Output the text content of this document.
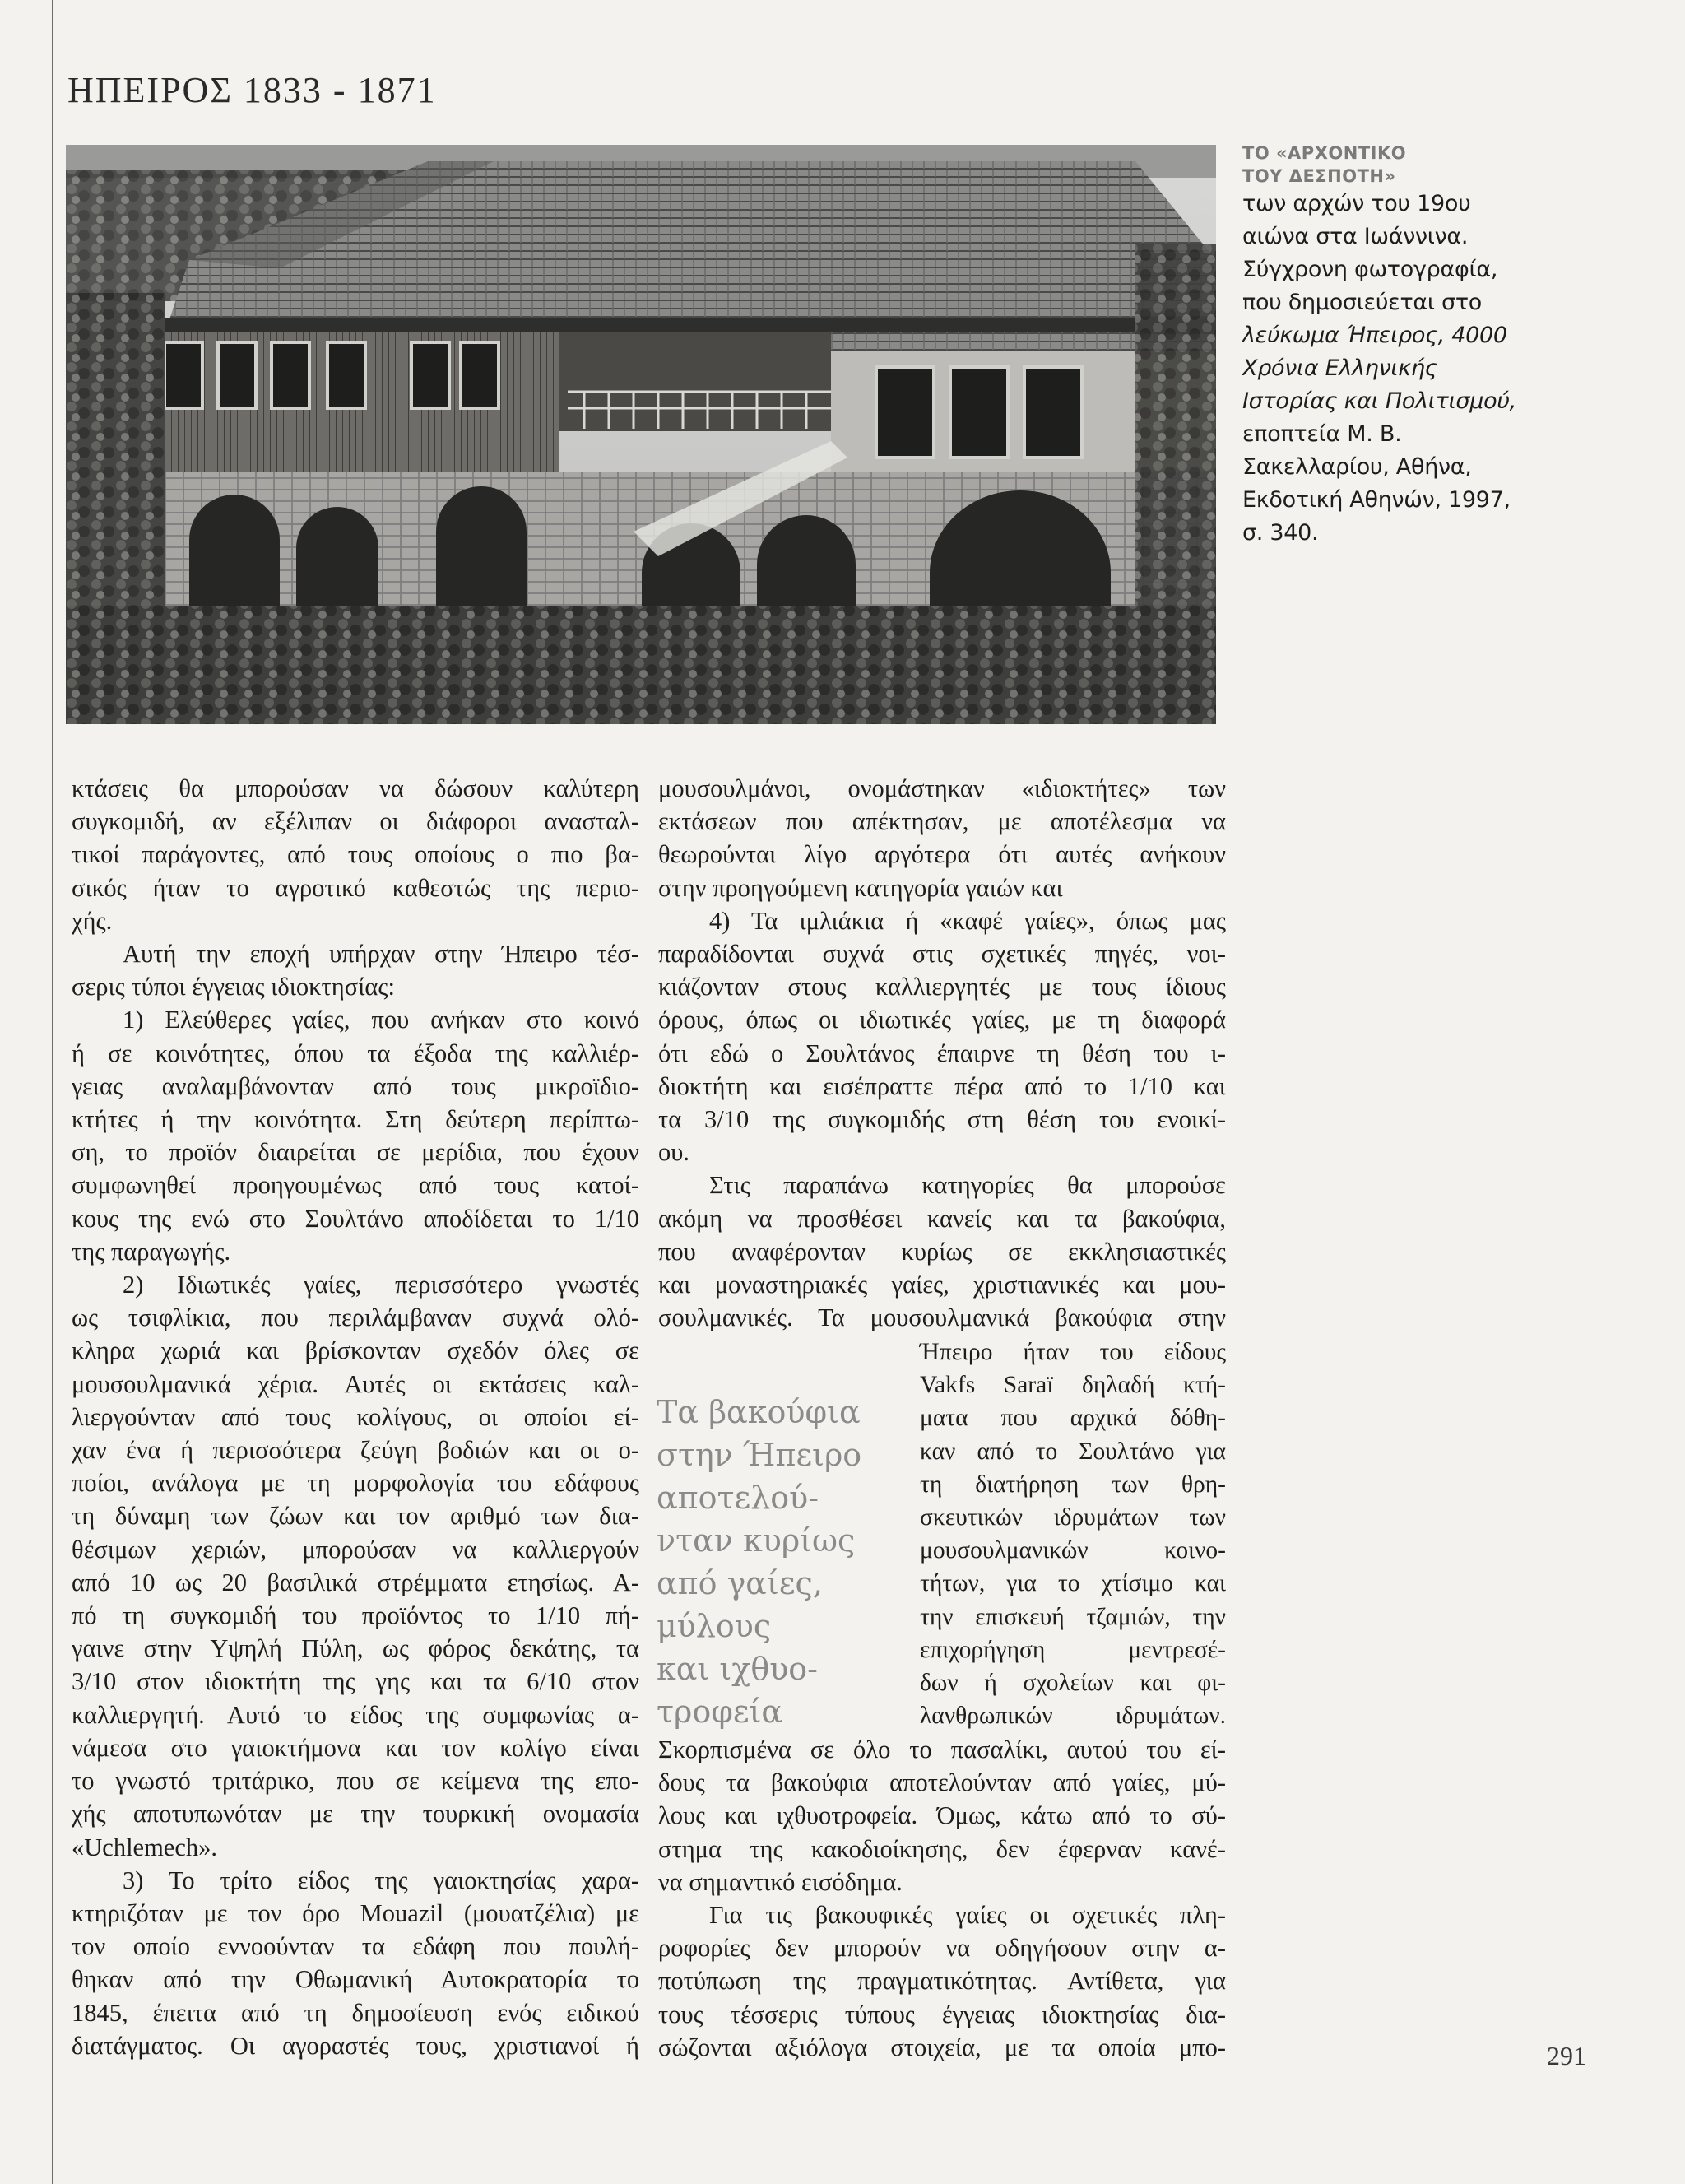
ΗΠΕΙΡΟΣ 1833 - 1871
ΤΟ «ΑΡΧΟΝΤΙΚΟ ΤΟΥ ΔΕΣΠΟΤΗ»
των αρχών του 19ου
αιώνα στα Ιωάννινα.
Σύγχρονη φωτογραφία,
που δημοσιεύεται στο
λεύκωμα Ήπειρος, 4000
Χρόνια Ελληνικής
Ιστορίας και Πολιτισμού,
εποπτεία Μ. Β.
Σακελλαρίου, Αθήνα,
Εκδοτική Αθηνών, 1997,
σ. 340.
κτάσεις θα μπορούσαν να δώσουν καλύτερη
συγκομιδή, αν εξέλιπαν οι διάφοροι ανασταλ-
τικοί παράγοντες, από τους οποίους ο πιο βα-
σικός ήταν το αγροτικό καθεστώς της περιο-
χής.
Αυτή την εποχή υπήρχαν στην Ήπειρο τέσ-
σερις τύποι έγγειας ιδιοκτησίας:
1) Ελεύθερες γαίες, που ανήκαν στο κοινό
ή σε κοινότητες, όπου τα έξοδα της καλλιέρ-
γειας αναλαμβάνονταν από τους μικροϊδιο-
κτήτες ή την κοινότητα. Στη δεύτερη περίπτω-
ση, το προϊόν διαιρείται σε μερίδια, που έχουν
συμφωνηθεί προηγουμένως από τους κατοί-
κους της ενώ στο Σουλτάνο αποδίδεται το 1/10
της παραγωγής.
2) Ιδιωτικές γαίες, περισσότερο γνωστές
ως τσιφλίκια, που περιλάμβαναν συχνά ολό-
κληρα χωριά και βρίσκονταν σχεδόν όλες σε
μουσουλμανικά χέρια. Αυτές οι εκτάσεις καλ-
λιεργούνταν από τους κολίγους, οι οποίοι εί-
χαν ένα ή περισσότερα ζεύγη βοδιών και οι ο-
ποίοι, ανάλογα με τη μορφολογία του εδάφους
τη δύναμη των ζώων και τον αριθμό των δια-
θέσιμων χεριών, μπορούσαν να καλλιεργούν
από 10 ως 20 βασιλικά στρέμματα ετησίως. Α-
πό τη συγκομιδή του προϊόντος το 1/10 πή-
γαινε στην Υψηλή Πύλη, ως φόρος δεκάτης, τα
3/10 στον ιδιοκτήτη της γης και τα 6/10 στον
καλλιεργητή. Αυτό το είδος της συμφωνίας α-
νάμεσα στο γαιοκτήμονα και τον κολίγο είναι
το γνωστό τριτάρικο, που σε κείμενα της επο-
χής αποτυπωνόταν με την τουρκική ονομασία
«Uchlemech».
3) Το τρίτο είδος της γαιοκτησίας χαρα-
κτηριζόταν με τον όρο Mouazil (μουατζέλια) με
τον οποίο εννοούνταν τα εδάφη που πουλή-
θηκαν από την Οθωμανική Αυτοκρατορία το
1845, έπειτα από τη δημοσίευση ενός ειδικού
διατάγματος. Οι αγοραστές τους, χριστιανοί ή
μουσουλμάνοι, ονομάστηκαν «ιδιοκτήτες» των
εκτάσεων που απέκτησαν, με αποτέλεσμα να
θεωρούνται λίγο αργότερα ότι αυτές ανήκουν
στην προηγούμενη κατηγορία γαιών και
4) Τα ιμλιάκια ή «καφέ γαίες», όπως μας
παραδίδονται συχνά στις σχετικές πηγές, νοι-
κιάζονταν στους καλλιεργητές με τους ίδιους
όρους, όπως οι ιδιωτικές γαίες, με τη διαφορά
ότι εδώ ο Σουλτάνος έπαιρνε τη θέση του ι-
διοκτήτη και εισέπραττε πέρα από το 1/10 και
τα 3/10 της συγκομιδής στη θέση του ενοικί-
ου.
Στις παραπάνω κατηγορίες θα μπορούσε
ακόμη να προσθέσει κανείς και τα βακούφια,
που αναφέρονταν κυρίως σε εκκλησιαστικές
και μοναστηριακές γαίες, χριστιανικές και μου-
σουλμανικές. Τα μουσουλμανικά βακούφια στην
Τα βακούφια
στην Ήπειρο
αποτελού-
νταν κυρίως
από γαίες,
μύλους
και ιχθυο-
τροφεία
Ήπειρο ήταν του είδους
Vakfs Saraï δηλαδή κτή-
ματα που αρχικά δόθη-
καν από το Σουλτάνο για
τη διατήρηση των θρη-
σκευτικών ιδρυμάτων των
μουσουλμανικών κοινο-
τήτων, για το χτίσιμο και
την επισκευή τζαμιών, την
επιχορήγηση μεντρεσέ-
δων ή σχολείων και φι-
λανθρωπικών ιδρυμάτων.
Σκορπισμένα σε όλο το πασαλίκι, αυτού του εί-
δους τα βακούφια αποτελούνταν από γαίες, μύ-
λους και ιχθυοτροφεία. Όμως, κάτω από το σύ-
στημα της κακοδιοίκησης, δεν έφερναν κανέ-
να σημαντικό εισόδημα.
Για τις βακουφικές γαίες οι σχετικές πλη-
ροφορίες δεν μπορούν να οδηγήσουν στην α-
ποτύπωση της πραγματικότητας. Αντίθετα, για
τους τέσσερις τύπους έγγειας ιδιοκτησίας δια-
σώζονται αξιόλογα στοιχεία, με τα οποία μπο-	291
